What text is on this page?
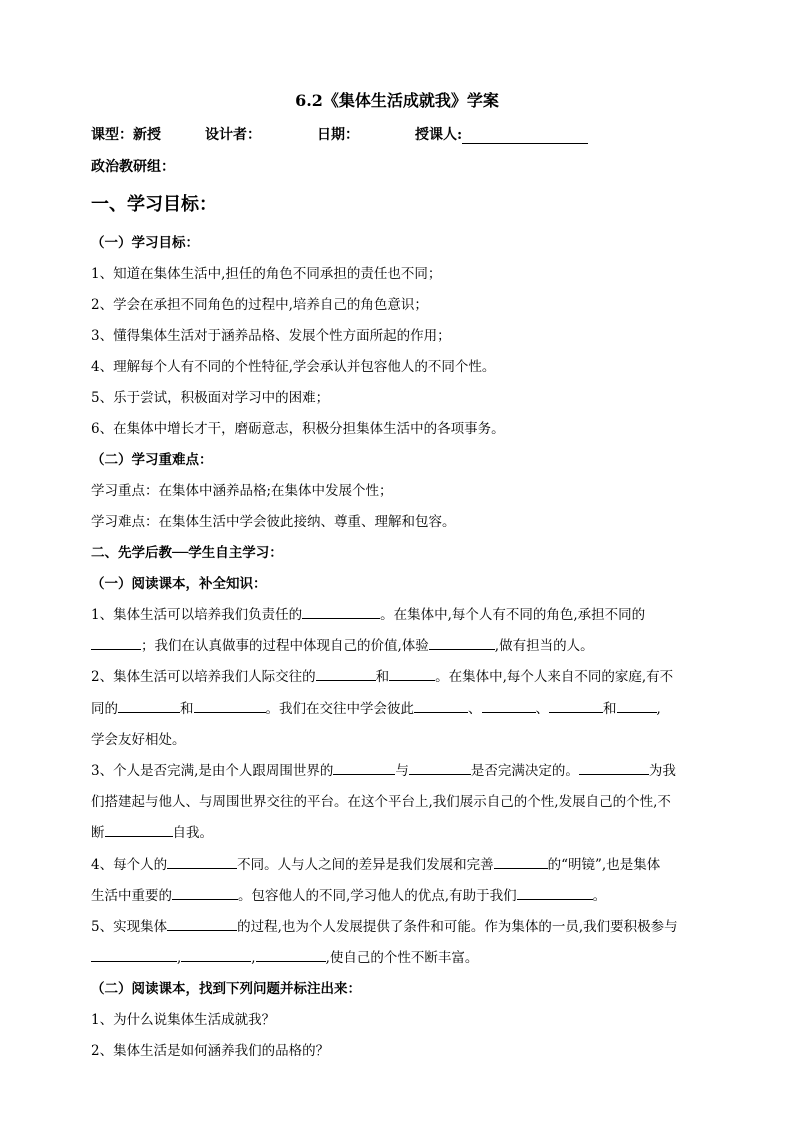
6.2《集体生活成就我》学案
课型：新授	设计者：	日期：	授课人:
政治教研组：
一、学习目标：
（一）学习目标：
1、知道在集体生活中,担任的角色不同承担的责任也不同；
2、学会在承担不同角色的过程中,培养自己的角色意识；
3、懂得集体生活对于涵养品格、发展个性方面所起的作用；
4、理解每个人有不同的个性特征,学会承认并包容他人的不同个性。
5、乐于尝试，积极面对学习中的困难；
6、在集体中增长才干，磨砺意志，积极分担集体生活中的各项事务。
（二）学习重难点：
学习重点：在集体中涵养品格;在集体中发展个性；
学习难点：在集体生活中学会彼此接纳、尊重、理解和包容。
二、先学后教──学生自主学习：
（一）阅读课本，补全知识：
1、集体生活可以培养我们负责任的	。在集体中,每个人有不同的角色,承担不同的
；我们在认真做事的过程中体现自己的价值,体验	,做有担当的人。
2、集体生活可以培养我们人际交往的	和	。在集体中,每个人来自不同的家庭,有不
同的	和	。我们在交往中学会彼此	、	、	和	,
学会友好相处。
3、个人是否完满,是由个人跟周围世界的	与	是否完满决定的。	为我
们搭建起与他人、与周围世界交往的平台。在这个平台上,我们展示自己的个性,发展自己的个性,不
断	自我。
4、每个人的	不同。人与人之间的差异是我们发展和完善	的“明镜”,也是集体
生活中重要的	。包容他人的不同,学习他人的优点,有助于我们	。
5、实现集体	的过程,也为个人发展提供了条件和可能。作为集体的一员,我们要积极参与
,	,	,使自己的个性不断丰富。
（二）阅读课本，找到下列问题并标注出来：
1、为什么说集体生活成就我？
2、集体生活是如何涵养我们的品格的？
